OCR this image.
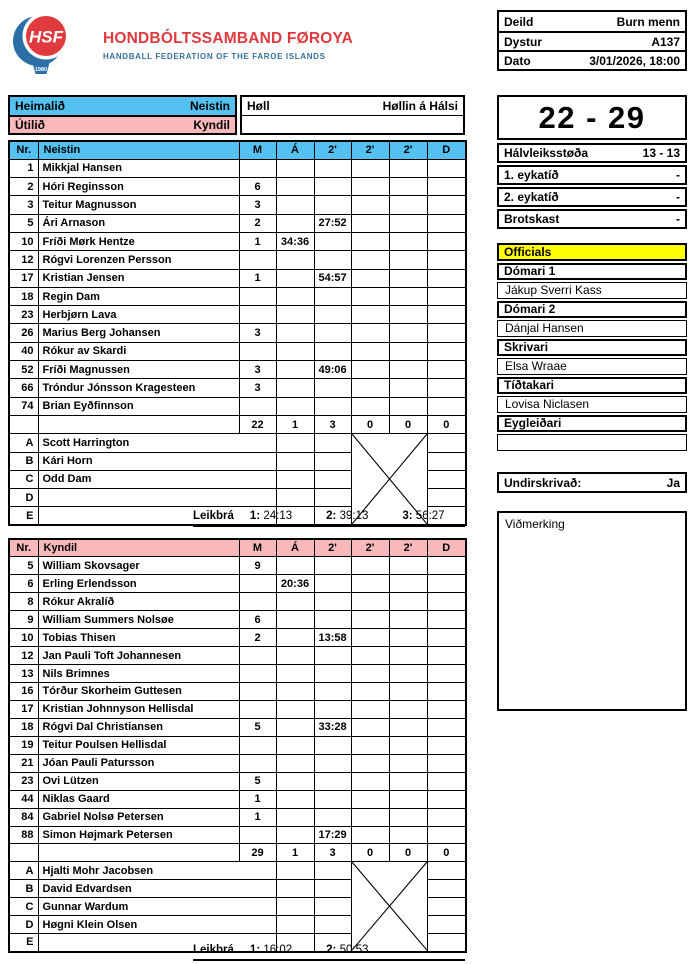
HSF
1980
HONDBÓLTSSAMBAND FØROYA
HANDBALL FEDERATION OF THE FAROE ISLANDS
Deild	Burn menn
Dystur	A137
Dato	3/01/2026, 18:00
Heimalið	Neistin
Útilið	Kyndil
Høll	Høllin á Hálsi	22 - 29
Hálvleiksstøða	13 - 13
1. eykatíð	-
2. eykatíð	-
Brotskast	-
Officials
Dómari 1
Jákup Sverri Kass
Dómari 2
Dánjal Hansen
Skrivari
Elsa Wraae
Tíðtakari
Lovisa Niclasen
Eygleiðari
Undirskrivað:	Ja
Viðmerking
Nr.	Neistin	M	Á	2'	2'	2'	D
1	Mikkjal Hansen						
2	Hóri Reginsson	6					
3	Teitur Magnusson	3					
5	Ári Arnason	2		27:52			
10	Fríði Mørk Hentze	1	34:36				
12	Rógvi Lorenzen Persson						
17	Kristian Jensen	1		54:57			
18	Regin Dam						
23	Herbjørn Lava						
26	Marius Berg Johansen	3					
40	Rókur av Skardi						
52	Fríði Magnussen	3		49:06			
66	Tróndur Jónsson Kragesteen	3					
74	Brian Eyðfinnson						
		22	1	3	0	0	0
A	Scott Harrington			

B	Kári Horn						
C	Odd Dam						
D							
E								Leikbrá 1: 24:13	2: 39:13	3: 56:27
Nr.	Kyndil	M	Á	2'	2'	2'	D
5	William Skovsager	9					
6	Erling Erlendsson		20:36				
8	Rókur Akralíð						
9	William Summers Nolsøe	6					
10	Tobias Thisen	2		13:58			
12	Jan Pauli Toft Johannesen						
13	Nils Brimnes						
16	Tórður Skorheim Guttesen						
17	Kristian Johnnyson Hellisdal						
18	Rógvi Dal Christiansen	5		33:28			
19	Teitur Poulsen Hellisdal						
21	Jóan Pauli Patursson						
23	Ovi Lützen	5					
44	Niklas Gaard	1					
84	Gabriel Nolsø Petersen	1					
88	Simon Højmark Petersen			17:29			
		29	1	3	0	0	0
A	Hjalti Mohr Jacobsen			

B	David Edvardsen						
C	Gunnar Wardum						
D	Høgni Klein Olsen						
E							
Leikbrá 1: 16:02	2: 50:53
